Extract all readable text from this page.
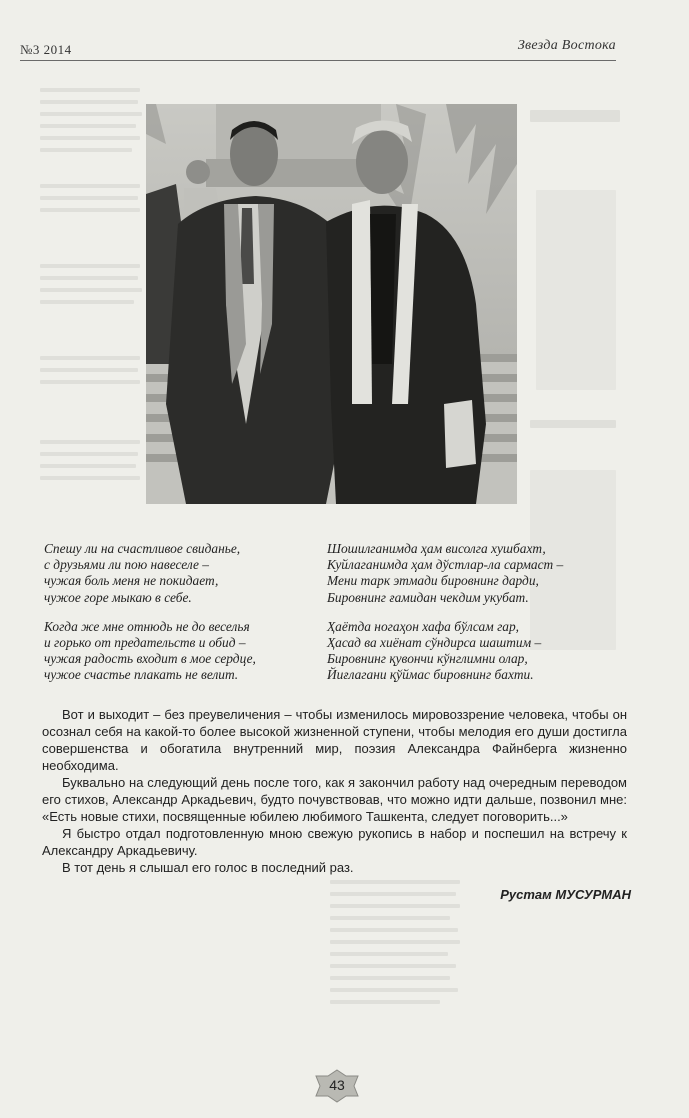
№3 2014	Звезда Востока
Спешу ли на счастливое свиданье,
с друзьями ли пою навеселе –
чужая боль меня не покидает,
чужое горе мыкаю в себе.
Когда же мне отнюдь не до веселья
и горько от предательств и обид –
чужая радость входит в мое сердце,
чужое счастье плакать не велит.
Шошилганимда ҳам висолга хушбахт,
Куйлаганимда ҳам дўстлар-ла сармаст –
Мени тарк этмади бировнинг дарди,
Бировнинг ғамидан чекдим укубат.
Ҳаётда ногаҳон хафа бўлсам гар,
Ҳасад ва хиёнат сўндирса шаштим –
Бировнинг қувончи кўнглимни олар,
Йиғлагани қўймас бировнинг бахти.

Вот и выходит – без преувеличения – чтобы изменилось мировоззрение человека, чтобы он осознал себя на какой-то более высокой жизненной ступени, чтобы мелодия его души достигла совершенства и обогатила внутренний мир, поэзия Александра Файнберга жизненно необходима.

Буквально на следующий день после того, как я закончил работу над очередным переводом его стихов, Александр Аркадьевич, будто почувствовав, что можно идти дальше, позвонил мне: «Есть новые стихи, посвященные юбилею любимого Ташкента, следует поговорить...»

Я быстро отдал подготовленную мною свежую рукопись в набор и поспешил на встречу к Александру Аркадьевичу.

В тот день я слышал его голос в последний раз.

Рустам МУСУРМАН
43
